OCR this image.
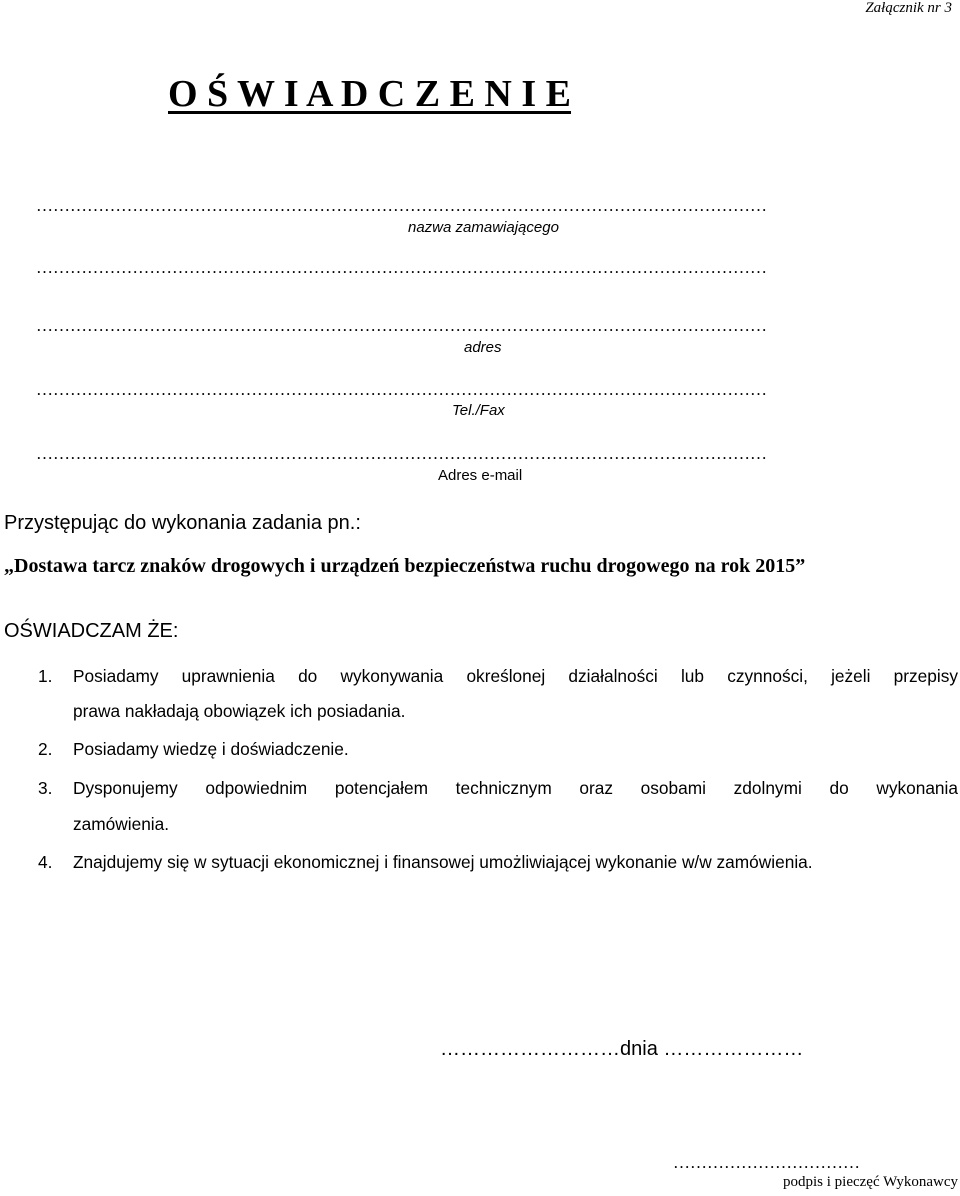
Załącznik nr 3
O Ś W I A D C Z E N I E
…………………………………………………………………………………………………………………
nazwa zamawiającego
…………………………………………………………………………………………………………………
…………………………………………………………………………………………………………………
adres
…………………………………………………………………………………………………………………
Tel./Fax
…………………………………………………………………………………………………………………
Adres e-mail
Przystępując do wykonania zadania pn.:
„Dostawa tarcz znaków drogowych i urządzeń bezpieczeństwa ruchu drogowego na rok 2015”
OŚWIADCZAM ŻE:
1. Posiadamy uprawnienia do wykonywania określonej działalności lub czynności, jeżeli przepisy
prawa nakładają obowiązek ich posiadania.
2. Posiadamy wiedzę i doświadczenie.
3. Dysponujemy odpowiednim potencjałem technicznym oraz osobami zdolnymi do wykonania
zamówienia.
4. Znajdujemy się w sytuacji ekonomicznej i finansowej umożliwiającej wykonanie w/w zamówienia.
………………………dnia …………………
……………………………
podpis i pieczęć Wykonawcy
